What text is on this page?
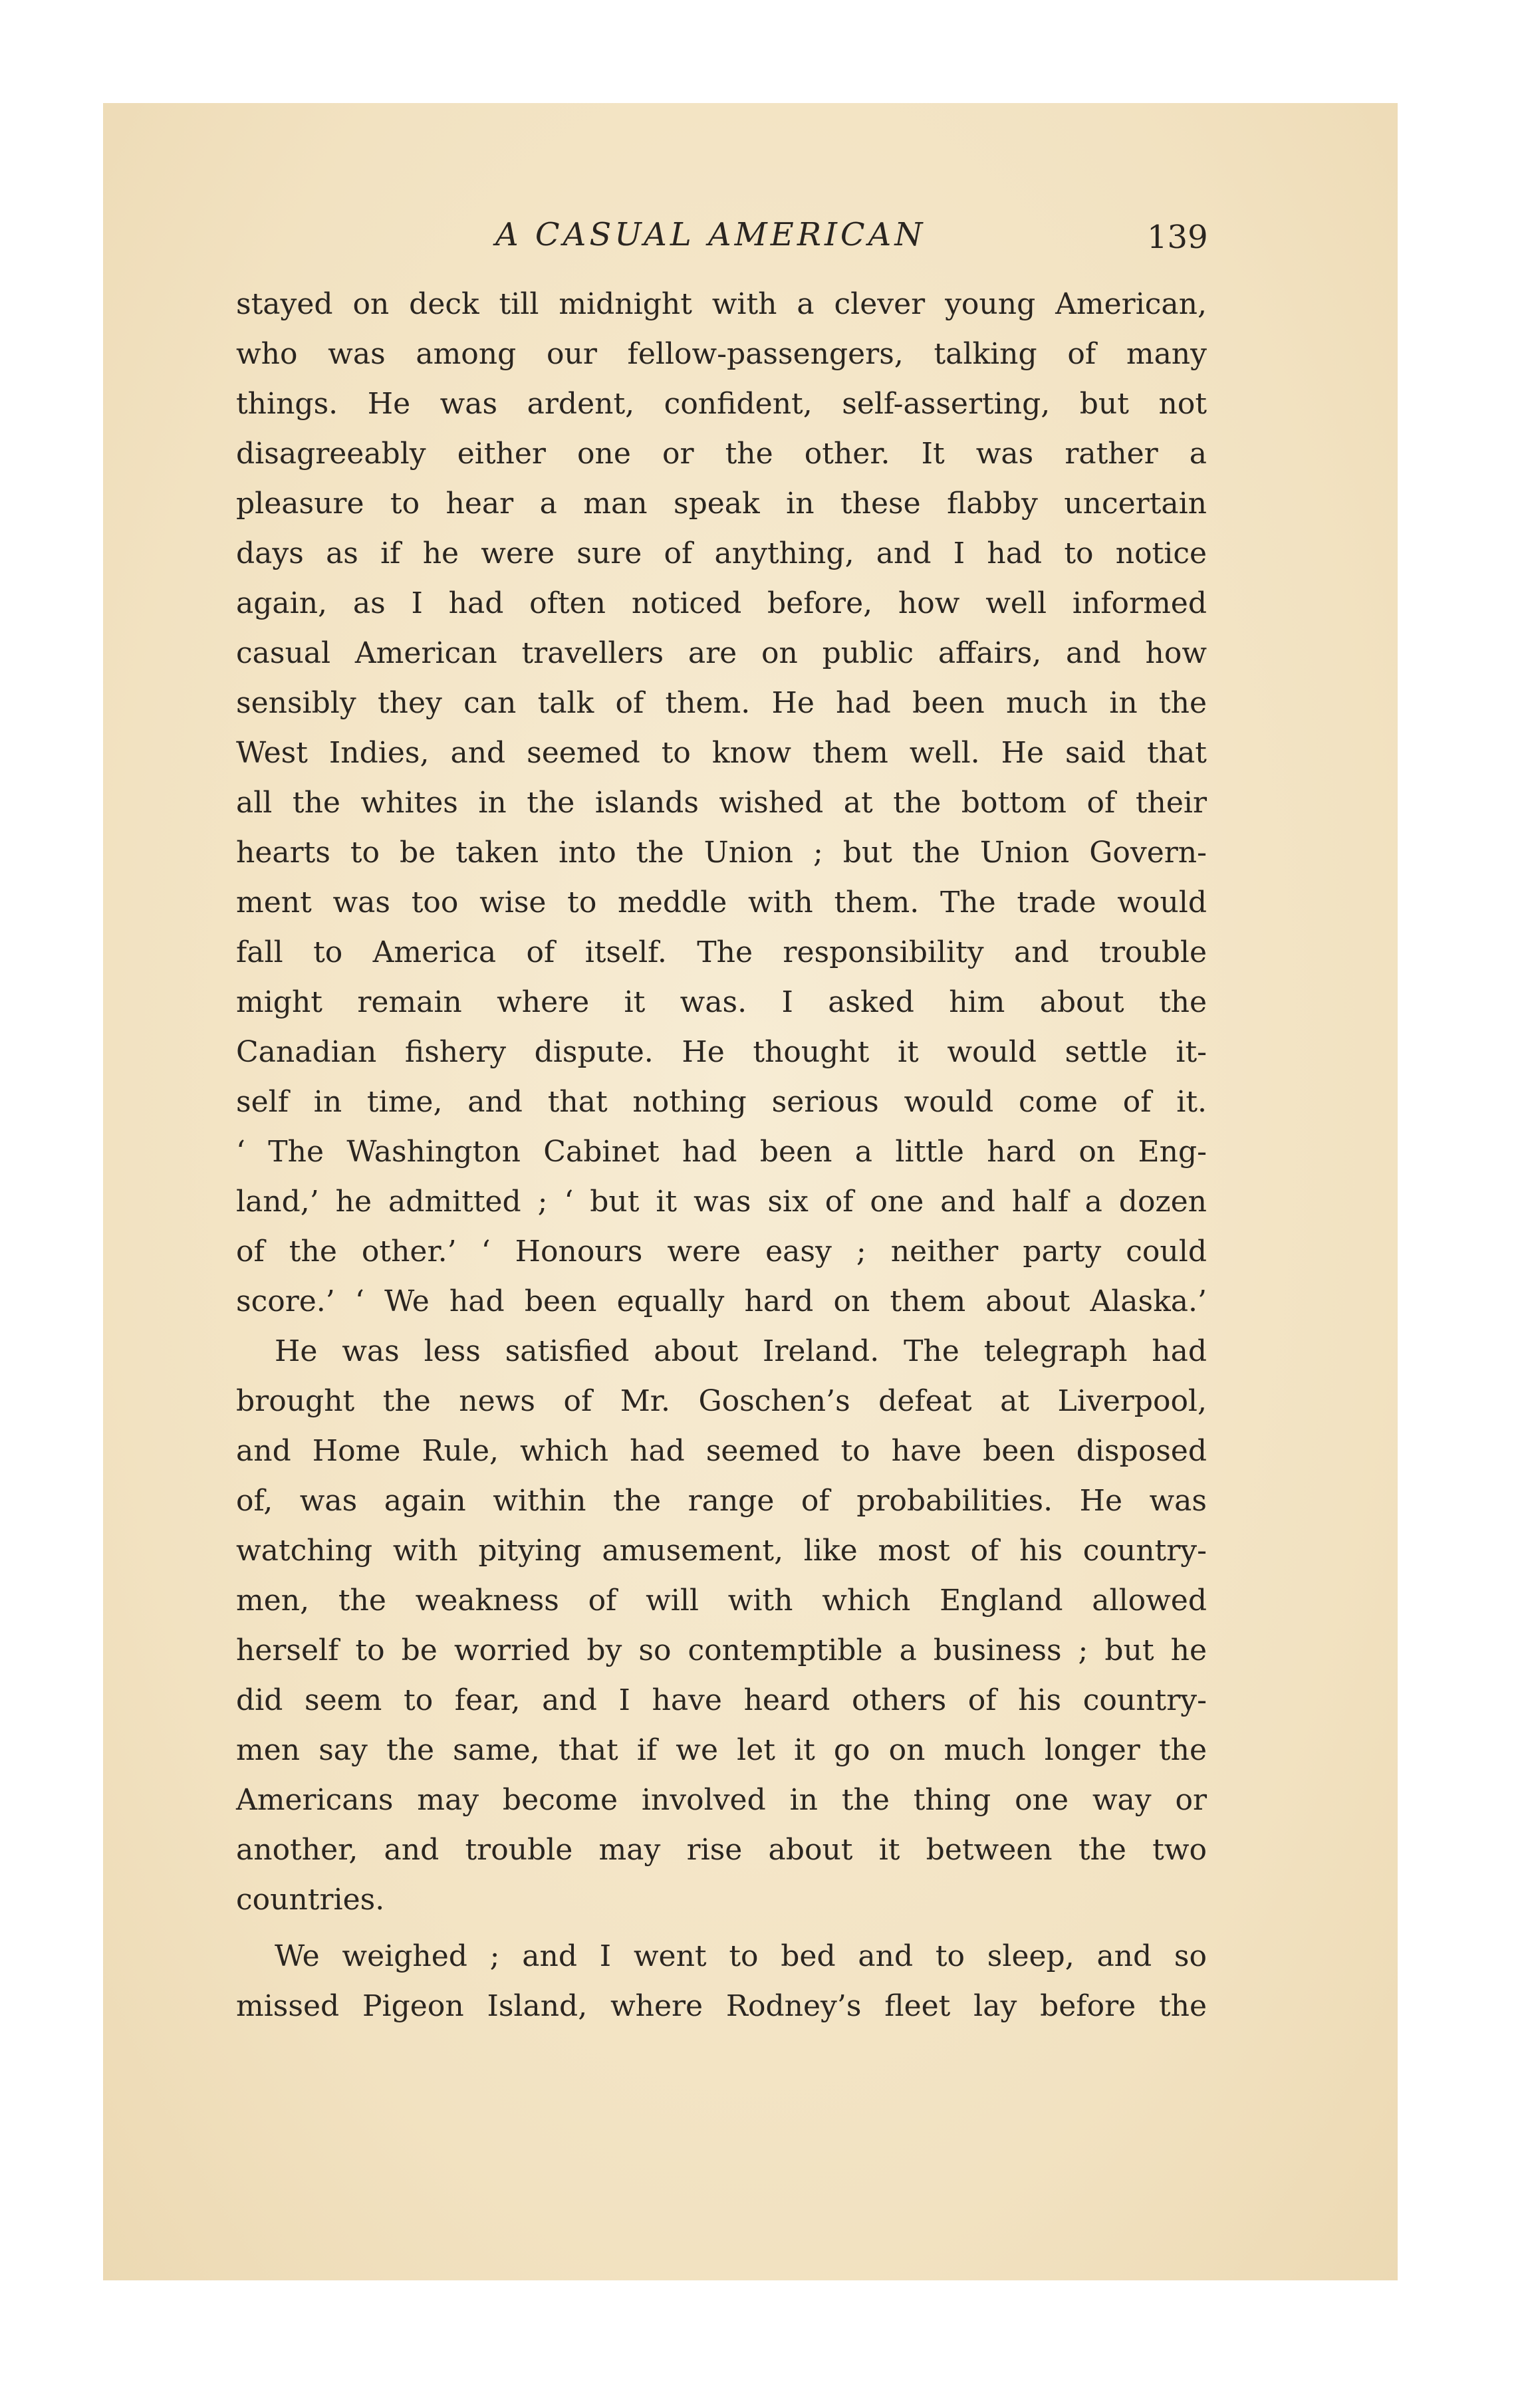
A CASUAL AMERICAN	139
stayed on deck till midnight with a clever young American,
who was among our fellow-passengers, talking of many
things. He was ardent, confident, self-asserting, but not
disagreeably either one or the other. It was rather a
pleasure to hear a man speak in these flabby uncertain
days as if he were sure of anything, and I had to notice
again, as I had often noticed before, how well informed
casual American travellers are on public affairs, and how
sensibly they can talk of them. He had been much in the
West Indies, and seemed to know them well. He said that
all the whites in the islands wished at the bottom of their
hearts to be taken into the Union ; but the Union Govern-
ment was too wise to meddle with them. The trade would
fall to America of itself. The responsibility and trouble
might remain where it was. I asked him about the
Canadian fishery dispute. He thought it would settle it-
self in time, and that nothing serious would come of it.
‘ The Washington Cabinet had been a little hard on Eng-
land,’ he admitted ; ‘ but it was six of one and half a dozen
of the other.’ ‘ Honours were easy ; neither party could
score.’ ‘ We had been equally hard on them about Alaska.’
He was less satisfied about Ireland. The telegraph had
brought the news of Mr. Goschen’s defeat at Liverpool,
and Home Rule, which had seemed to have been disposed
of, was again within the range of probabilities. He was
watching with pitying amusement, like most of his country-
men, the weakness of will with which England allowed
herself to be worried by so contemptible a business ; but he
did seem to fear, and I have heard others of his country-
men say the same, that if we let it go on much longer the
Americans may become involved in the thing one way or
another, and trouble may rise about it between the two
countries.
We weighed ; and I went to bed and to sleep, and so
missed Pigeon Island, where Rodney’s fleet lay before the
